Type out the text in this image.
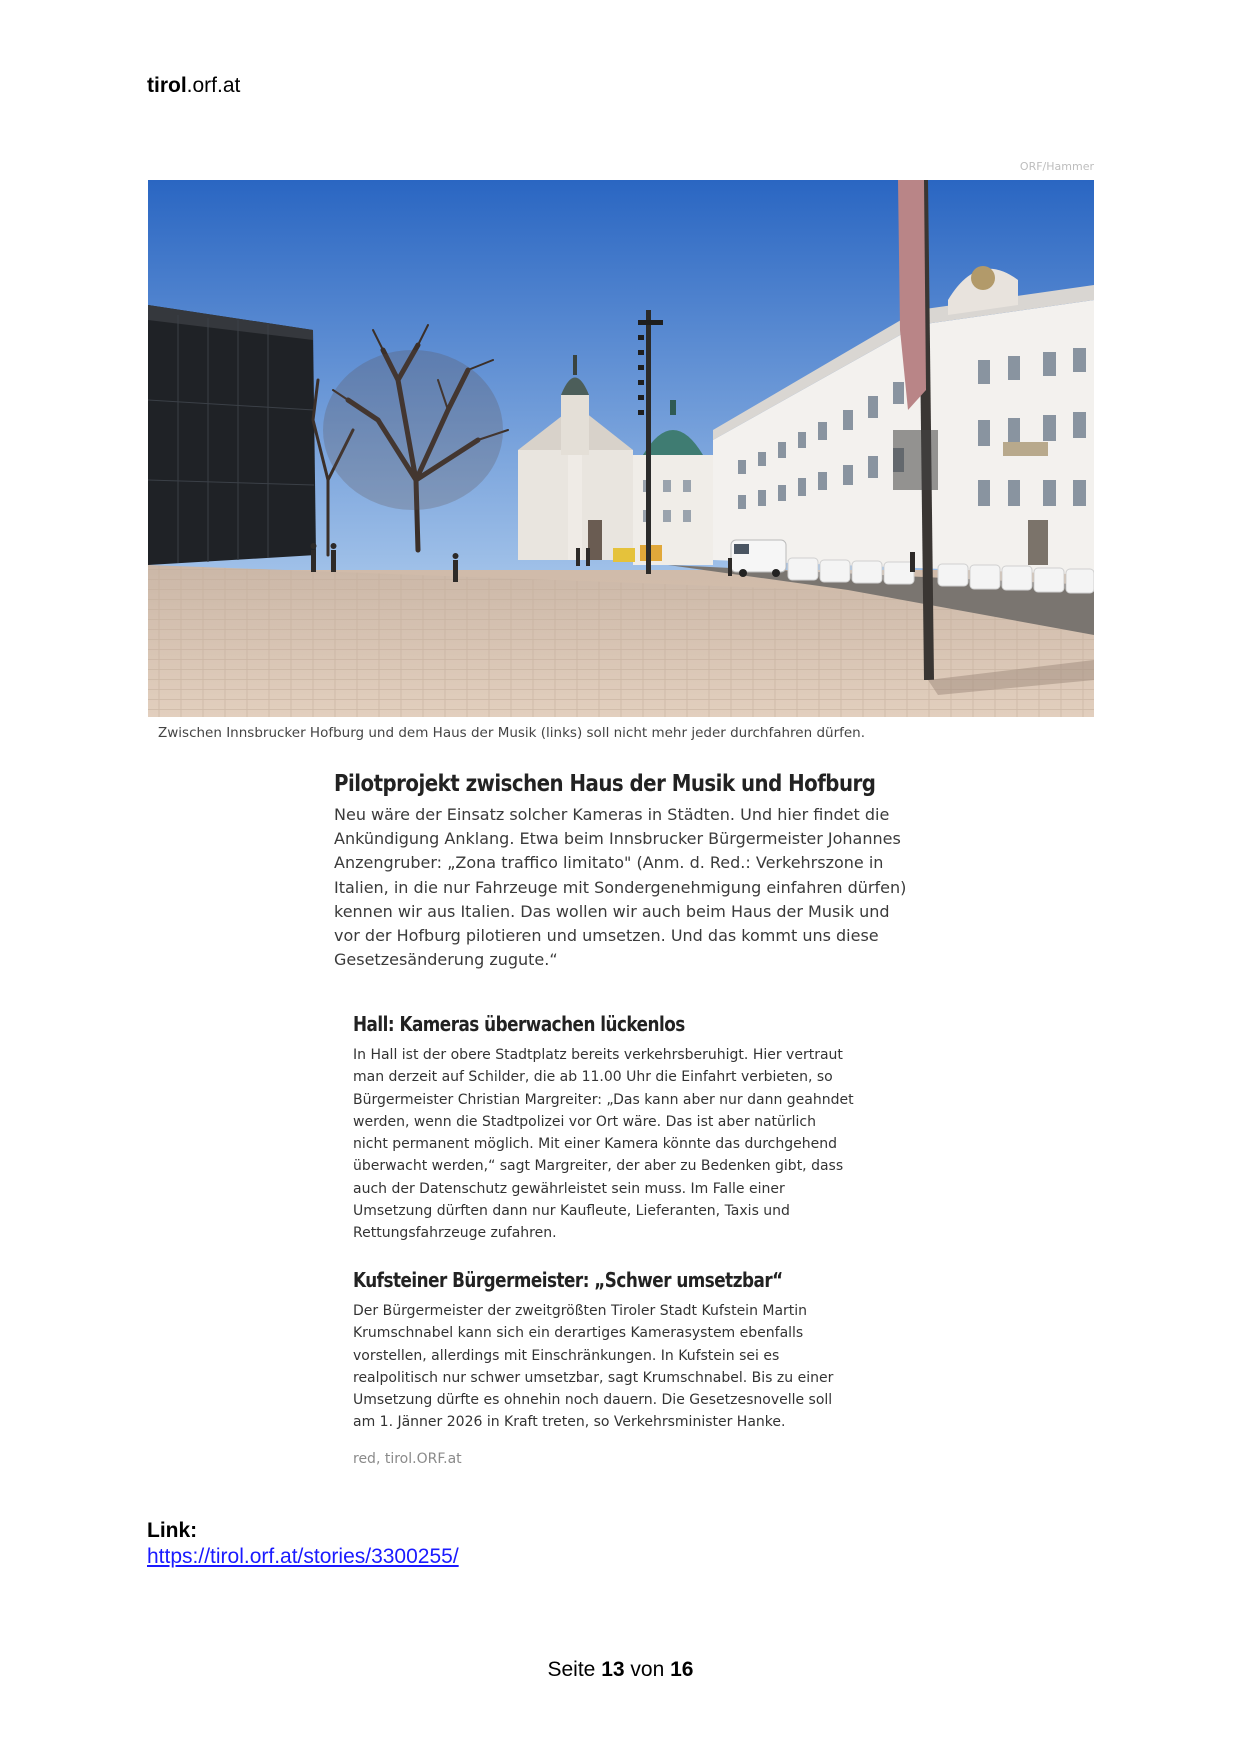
tirol.orf.at
ORF/Hammer
Zwischen Innsbrucker Hofburg und dem Haus der Musik (links) soll nicht mehr jeder durchfahren dürfen.
Pilotprojekt zwischen Haus der Musik und Hofburg
Neu wäre der Einsatz solcher Kameras in Städten. Und hier findet die
Ankündigung Anklang. Etwa beim Innsbrucker Bürgermeister Johannes
Anzengruber: „Zona traffico limitato" (Anm. d. Red.: Verkehrszone in
Italien, in die nur Fahrzeuge mit Sondergenehmigung einfahren dürfen)
kennen wir aus Italien. Das wollen wir auch beim Haus der Musik und
vor der Hofburg pilotieren und umsetzen. Und das kommt uns diese
Gesetzesänderung zugute.“
Hall: Kameras überwachen lückenlos
In Hall ist der obere Stadtplatz bereits verkehrsberuhigt. Hier vertraut
man derzeit auf Schilder, die ab 11.00 Uhr die Einfahrt verbieten, so
Bürgermeister Christian Margreiter: „Das kann aber nur dann geahndet
werden, wenn die Stadtpolizei vor Ort wäre. Das ist aber natürlich
nicht permanent möglich. Mit einer Kamera könnte das durchgehend
überwacht werden,“ sagt Margreiter, der aber zu Bedenken gibt, dass
auch der Datenschutz gewährleistet sein muss. Im Falle einer
Umsetzung dürften dann nur Kaufleute, Lieferanten, Taxis und
Rettungsfahrzeuge zufahren.
Kufsteiner Bürgermeister: „Schwer umsetzbar“
Der Bürgermeister der zweitgrößten Tiroler Stadt Kufstein Martin
Krumschnabel kann sich ein derartiges Kamerasystem ebenfalls
vorstellen, allerdings mit Einschränkungen. In Kufstein sei es
realpolitisch nur schwer umsetzbar, sagt Krumschnabel. Bis zu einer
Umsetzung dürfte es ohnehin noch dauern. Die Gesetzesnovelle soll
am 1. Jänner 2026 in Kraft treten, so Verkehrsminister Hanke.
red, tirol.ORF.at
Link:
https://tirol.orf.at/stories/3300255/
Seite 13 von 16
